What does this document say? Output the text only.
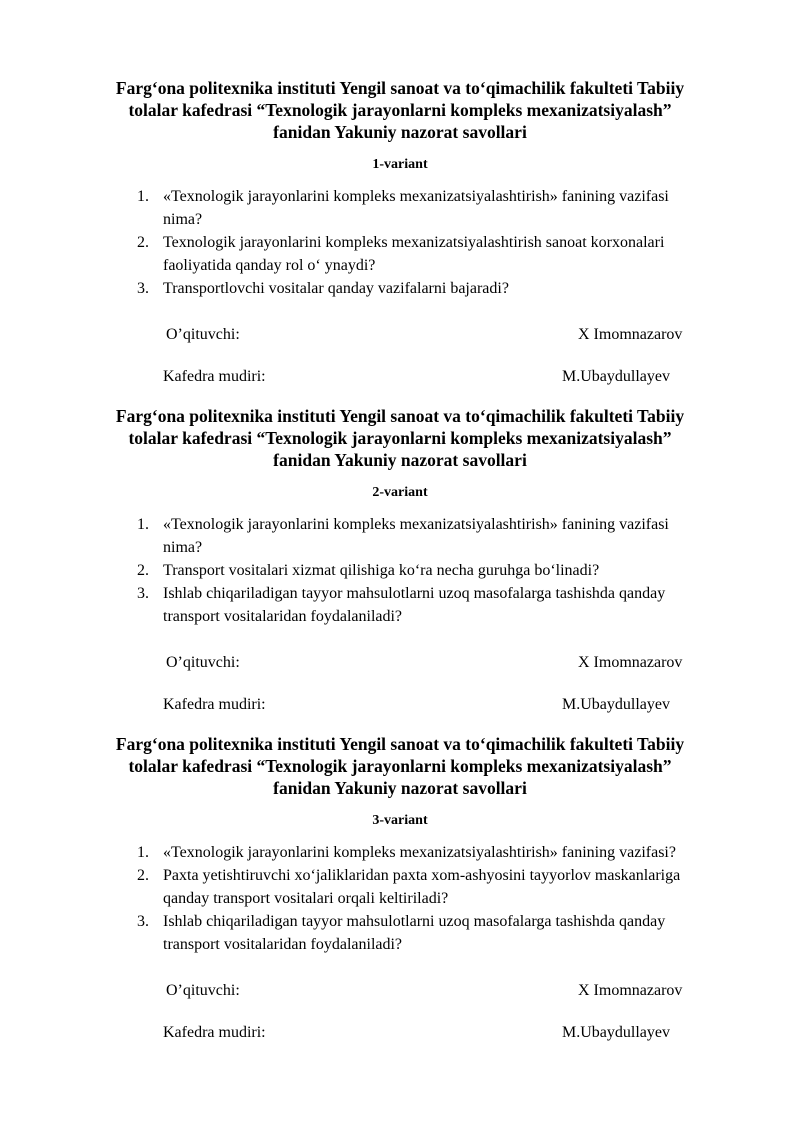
Farg‘ona politexnika instituti Yengil sanoat va to‘qimachilik fakulteti Tabiiy
tolalar kafedrasi “Texnologik jarayonlarni kompleks mexanizatsiyalash”
fanidan Yakuniy nazorat savollari
1-variant
1. «Texnologik jarayonlarini kompleks mexanizatsiyalashtirish» fanining vazifasi
nima?
2. Texnologik jarayonlarini kompleks mexanizatsiyalashtirish sanoat korxonalari
faoliyatida qanday rol o‘ ynaydi?
3. Transportlovchi vositalar qanday vazifalarni bajaradi?
O’qituvchi:	X Imomnazarov
Kafedra mudiri:	M.Ubaydullayev
Farg‘ona politexnika instituti Yengil sanoat va to‘qimachilik fakulteti Tabiiy
tolalar kafedrasi “Texnologik jarayonlarni kompleks mexanizatsiyalash”
fanidan Yakuniy nazorat savollari
2-variant
1. «Texnologik jarayonlarini kompleks mexanizatsiyalashtirish» fanining vazifasi
nima?
2. Transport vositalari xizmat qilishiga ko‘ra necha guruhga bo‘linadi?
3. Ishlab chiqariladigan tayyor mahsulotlarni uzoq masofalarga tashishda qanday
transport vositalaridan foydalaniladi?
O’qituvchi:	X Imomnazarov
Kafedra mudiri:	M.Ubaydullayev
Farg‘ona politexnika instituti Yengil sanoat va to‘qimachilik fakulteti Tabiiy
tolalar kafedrasi “Texnologik jarayonlarni kompleks mexanizatsiyalash”
fanidan Yakuniy nazorat savollari
3-variant
1. «Texnologik jarayonlarini kompleks mexanizatsiyalashtirish» fanining vazifasi?
2. Paxta yetishtiruvchi xo‘jaliklaridan paxta xom-ashyosini tayyorlov maskanlariga
qanday transport vositalari orqali keltiriladi?
3. Ishlab chiqariladigan tayyor mahsulotlarni uzoq masofalarga tashishda qanday
transport vositalaridan foydalaniladi?
O’qituvchi:	X Imomnazarov
Kafedra mudiri:	M.Ubaydullayev
